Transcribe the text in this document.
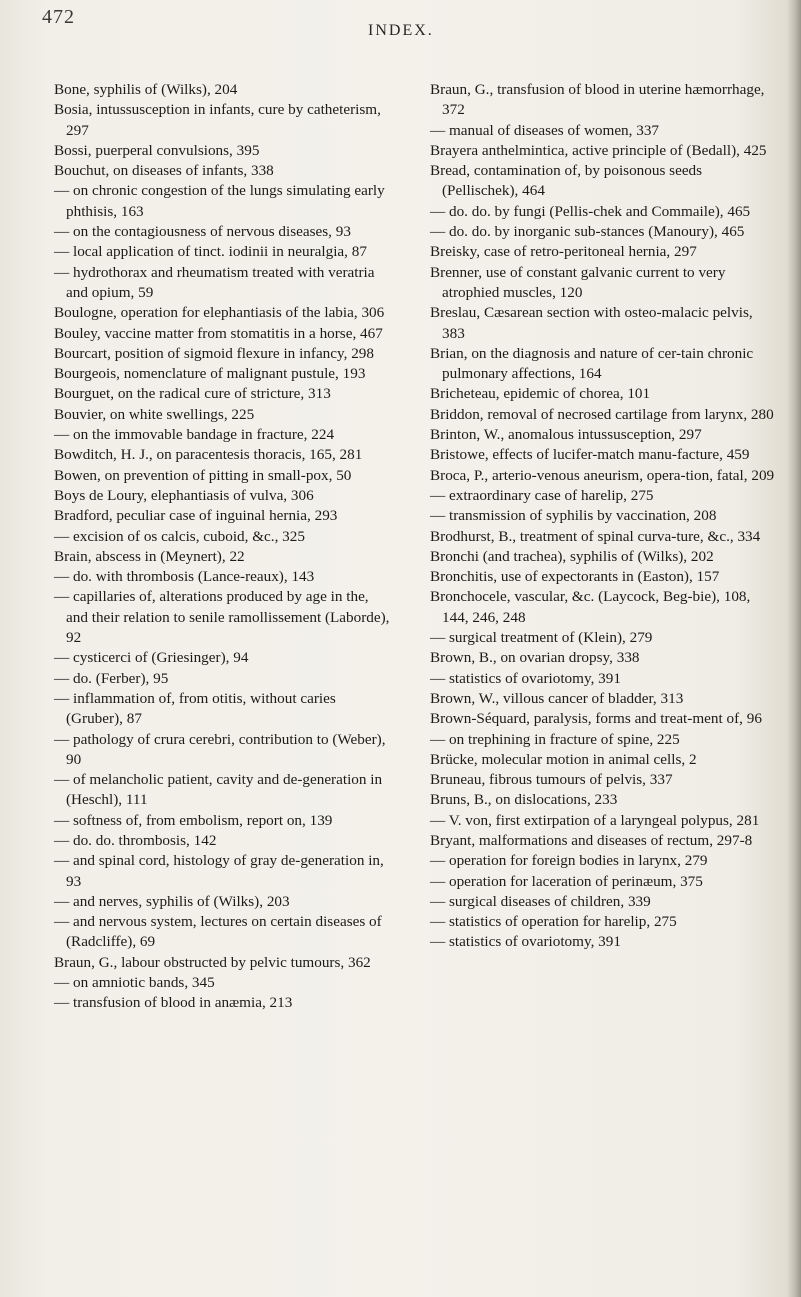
472
INDEX.

Bone, syphilis of (Wilks), 204

Bosia, intussusception in infants, cure by catheterism, 297

Bossi, puerperal convulsions, 395

Bouchut, on diseases of infants, 338

— on chronic congestion of the lungs simulating early phthisis, 163

— on the contagiousness of nervous diseases, 93

— local application of tinct. iodinii in neuralgia, 87

— hydrothorax and rheumatism treated with veratria and opium, 59

Boulogne, operation for elephantiasis of the labia, 306

Bouley, vaccine matter from stomatitis in a horse, 467

Bourcart, position of sigmoid flexure in infancy, 298

Bourgeois, nomenclature of malignant pustule, 193

Bourguet, on the radical cure of stricture, 313

Bouvier, on white swellings, 225

— on the immovable bandage in fracture, 224

Bowditch, H. J., on paracentesis thoracis, 165, 281

Bowen, on prevention of pitting in small-pox, 50

Boys de Loury, elephantiasis of vulva, 306

Bradford, peculiar case of inguinal hernia, 293

— excision of os calcis, cuboid, &c., 325

Brain, abscess in (Meynert), 22

— do. with thrombosis (Lance-reaux), 143

— capillaries of, alterations produced by age in the, and their relation to senile ramollissement (Laborde), 92

— cysticerci of (Griesinger), 94

— do. (Ferber), 95

— inflammation of, from otitis, without caries (Gruber), 87

— pathology of crura cerebri, contribution to (Weber), 90

— of melancholic patient, cavity and de-generation in (Heschl), 111

— softness of, from embolism, report on, 139

— do. do. thrombosis, 142

— and spinal cord, histology of gray de-generation in, 93

— and nerves, syphilis of (Wilks), 203

— and nervous system, lectures on certain diseases of (Radcliffe), 69

Braun, G., labour obstructed by pelvic tumours, 362

— on amniotic bands, 345

— transfusion of blood in anæmia, 213

Braun, G., transfusion of blood in uterine hæmorrhage, 372

— manual of diseases of women, 337

Brayera anthelmintica, active principle of (Bedall), 425

Bread, contamination of, by poisonous seeds (Pellischek), 464

— do. do. by fungi (Pellis-chek and Commaile), 465

— do. do. by inorganic sub-stances (Manoury), 465

Breisky, case of retro-peritoneal hernia, 297

Brenner, use of constant galvanic current to very atrophied muscles, 120

Breslau, Cæsarean section with osteo-malacic pelvis, 383

Brian, on the diagnosis and nature of cer-tain chronic pulmonary affections, 164

Bricheteau, epidemic of chorea, 101

Briddon, removal of necrosed cartilage from larynx, 280

Brinton, W., anomalous intussusception, 297

Bristowe, effects of lucifer-match manu-facture, 459

Broca, P., arterio-venous aneurism, opera-tion, fatal, 209

— extraordinary case of harelip, 275

— transmission of syphilis by vaccination, 208

Brodhurst, B., treatment of spinal curva-ture, &c., 334

Bronchi (and trachea), syphilis of (Wilks), 202

Bronchitis, use of expectorants in (Easton), 157

Bronchocele, vascular, &c. (Laycock, Beg-bie), 108, 144, 246, 248

— surgical treatment of (Klein), 279

Brown, B., on ovarian dropsy, 338

— statistics of ovariotomy, 391

Brown, W., villous cancer of bladder, 313

Brown-Séquard, paralysis, forms and treat-ment of, 96

— on trephining in fracture of spine, 225

Brücke, molecular motion in animal cells, 2

Bruneau, fibrous tumours of pelvis, 337

Bruns, B., on dislocations, 233

— V. von, first extirpation of a laryngeal polypus, 281

Bryant, malformations and diseases of rectum, 297-8

— operation for foreign bodies in larynx, 279

— operation for laceration of perinæum, 375

— surgical diseases of children, 339

— statistics of operation for harelip, 275

— statistics of ovariotomy, 391
